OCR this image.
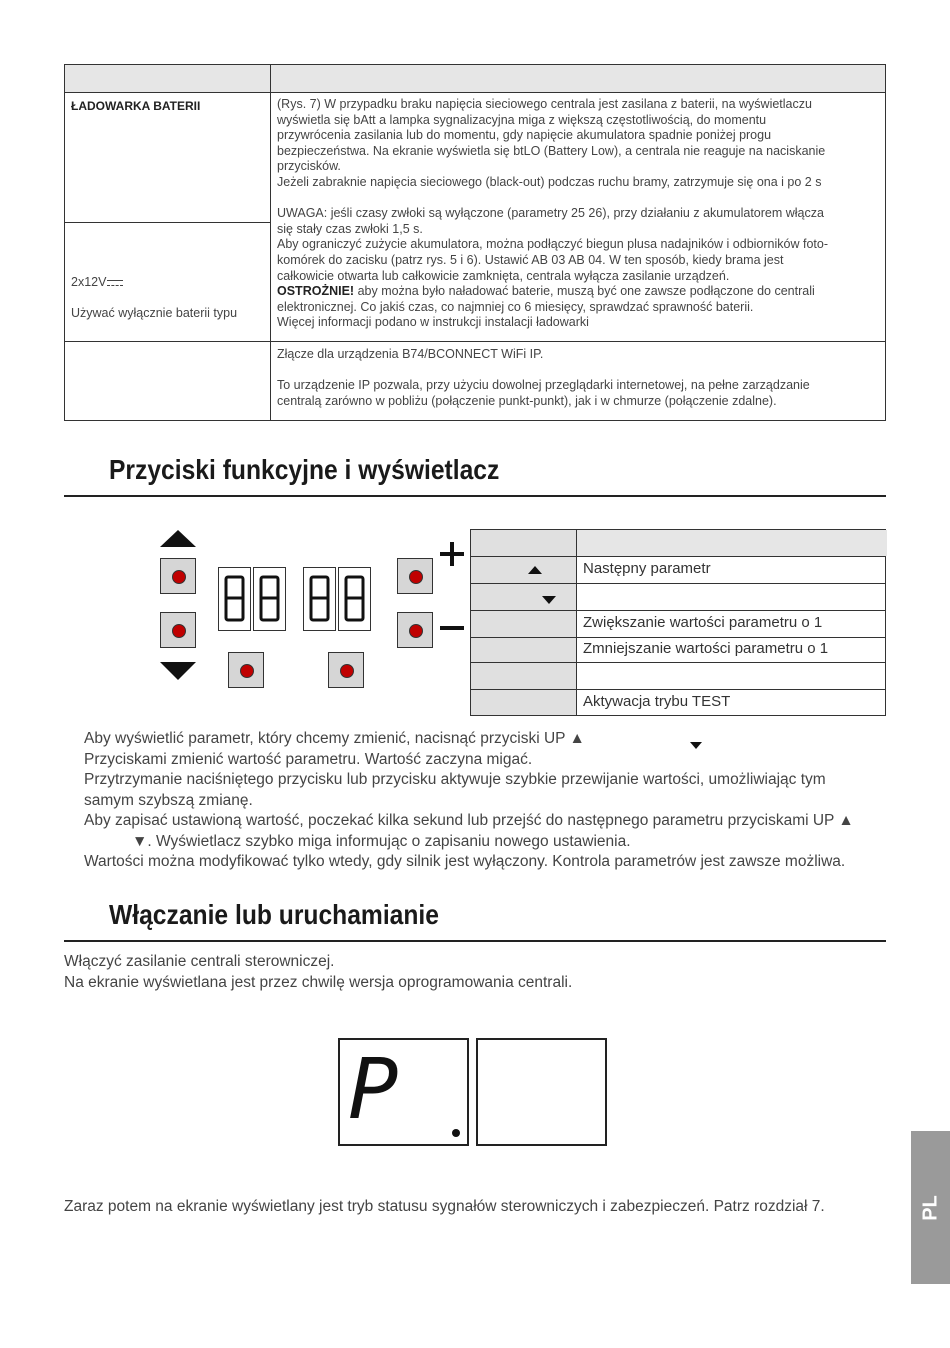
ŁADOWARKA BATERII
2x12V
Używać wyłącznie baterii typu

(Rys. 7) W przypadku braku napięcia sieciowego centrala jest zasilana z baterii, na wyświetlaczu

wyświetla się bAtt a lampka sygnalizacyjna miga z większą częstotliwością, do momentu

przywrócenia zasilania lub do momentu, gdy napięcie akumulatora spadnie poniżej progu

bezpieczeństwa. Na ekranie wyświetla się btLO (Battery Low), a centrala nie reaguje na naciskanie

przycisków.

Jeżeli zabraknie napięcia sieciowego (black-out) podczas ruchu bramy, zatrzymuje się ona i po 2 s

UWAGA: jeśli czasy zwłoki są wyłączone (parametry 25 26), przy działaniu z akumulatorem włącza

się stały czas zwłoki 1,5 s.

Aby ograniczyć zużycie akumulatora, można podłączyć biegun plusa nadajników i odbiorników foto-

komórek do zacisku (patrz rys. 5 i 6). Ustawić AB 03 AB 04. W ten sposób, kiedy brama jest

całkowicie otwarta lub całkowicie zamknięta, centrala wyłącza zasilanie urządzeń.

OSTROŻNIE! aby można było naładować baterie, muszą być one zawsze podłączone do centrali

elektronicznej. Co jakiś czas, co najmniej co 6 miesięcy, sprawdzać sprawność baterii.

Więcej informacji podano w instrukcji instalacji ładowarki

Złącze dla urządzenia B74/BCONNECT WiFi IP.

To urządzenie IP pozwala, przy użyciu dowolnej przeglądarki internetowej, na pełne zarządzanie

centralą zarówno w pobliżu (połączenie punkt-punkt), jak i w chmurze (połączenie zdalne).

Przyciski funkcyjne i wyświetlacz
Następny parametr
Zwiększanie wartości parametru o 1
Zmniejszanie wartości parametru o 1
Aktywacja trybu TEST
Aby wyświetlić parametr, który chcemy zmienić, nacisnąć przyciski UP ▲
Przyciskami zmienić wartość parametru. Wartość zaczyna migać.
Przytrzymanie naciśniętego przycisku lub przycisku aktywuje szybkie przewijanie wartości, umożliwiając tym
samym szybszą zmianę.
Aby zapisać ustawioną wartość, poczekać kilka sekund lub przejść do następnego parametru przyciskami UP ▲
▼. Wyświetlacz szybko miga informując o zapisaniu nowego ustawienia.
Wartości można modyfikować tylko wtedy, gdy silnik jest wyłączony. Kontrola parametrów jest zawsze możliwa.
Włączanie lub uruchamianie
Włączyć zasilanie centrali sterowniczej.
Na ekranie wyświetlana jest przez chwilę wersja oprogramowania centrali.
P
Zaraz potem na ekranie wyświetlany jest tryb statusu sygnałów sterowniczych i zabezpieczeń. Patrz rozdział 7.	PL
